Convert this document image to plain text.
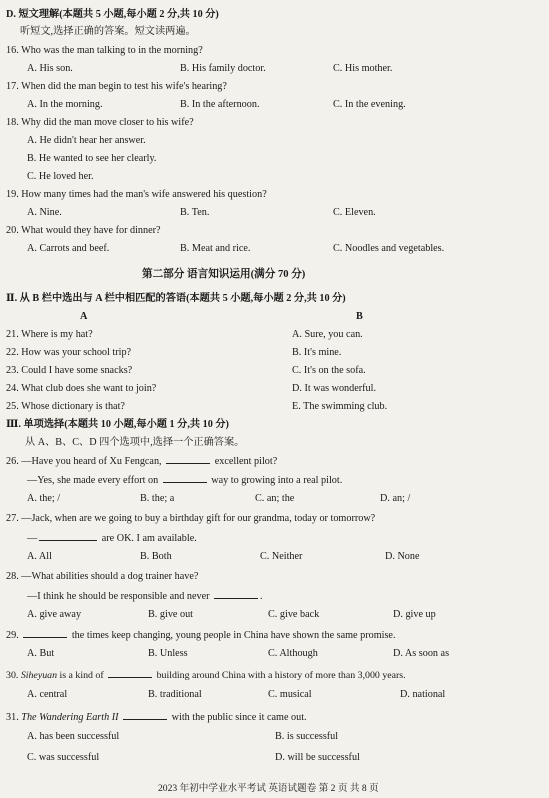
D. 短文理解(本题共 5 小题,每小题 2 分,共 10 分)
听短文,选择正确的答案。短文读两遍。
16. Who was the man talking to in the morning?
A. His son.	B. His family doctor.	C. His mother.
17. When did the man begin to test his wife's hearing?
A. In the morning.	B. In the afternoon.	C. In the evening.
18. Why did the man move closer to his wife?
A. He didn't hear her answer.
B. He wanted to see her clearly.
C. He loved her.
19. How many times had the man's wife answered his question?
A. Nine.	B. Ten.	C. Eleven.
20. What would they have for dinner?
A. Carrots and beef.	B. Meat and rice.	C. Noodles and vegetables.
第二部分 语言知识运用(满分 70 分)
Ⅱ. 从 B 栏中选出与 A 栏中相匹配的答语(本题共 5 小题,每小题 2 分,共 10 分)
A	B
21. Where is my hat?	A. Sure, you can.
22. How was your school trip?	B. It's mine.
23. Could I have some snacks?	C. It's on the sofa.
24. What club does she want to join?	D. It was wonderful.
25. Whose dictionary is that?	E. The swimming club.
Ⅲ. 单项选择(本题共 10 小题,每小题 1 分,共 10 分)
从 A、B、C、D 四个选项中,选择一个正确答案。
26. —Have you heard of Xu Fengcan,	excellent pilot?
—Yes, she made every effort on	way to growing into a real pilot.
A. the; /	B. the; a	C. an; the	D. an; /
27. —Jack, when are we going to buy a birthday gift for our grandma, today or tomorrow?
—	are OK. I am available.
A. All	B. Both	C. Neither	D. None
28. —What abilities should a dog trainer have?
—I think he should be responsible and never	.
A. give away	B. give out	C. give back	D. give up
29.	the times keep changing, young people in China have shown the same promise.
A. But	B. Unless	C. Although	D. As soon as
30. Siheyuan is a kind of	building around China with a history of more than 3,000 years.
A. central	B. traditional	C. musical	D. national
31. The Wandering Earth II	with the public since it came out.
A. has been successful	B. is successful
C. was successful	D. will be successful
2023 年初中学业水平考试 英语试题卷 第 2 页 共 8 页
